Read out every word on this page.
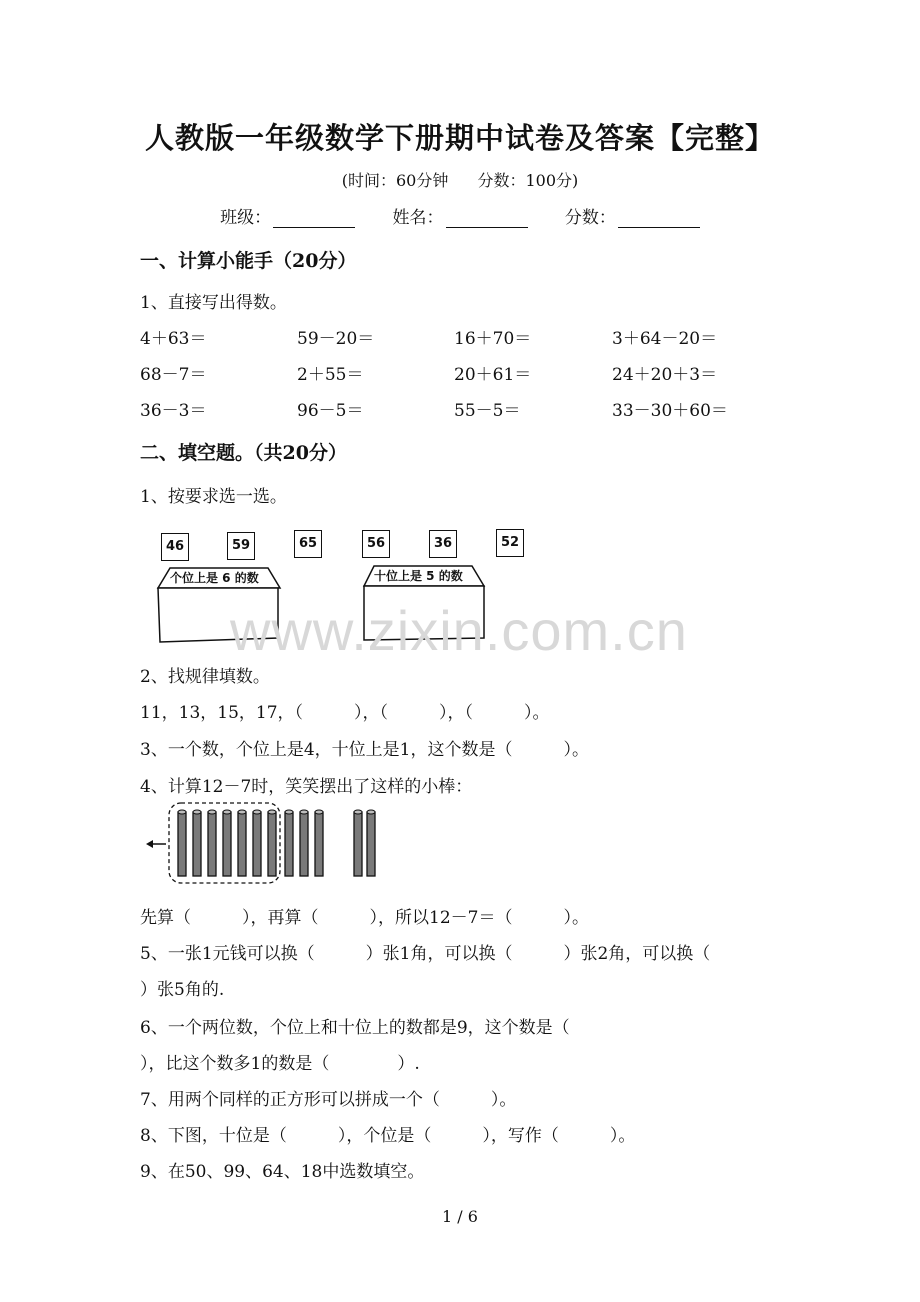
人教版一年级数学下册期中试卷及答案【完整】
(时间：60分钟 分数：100分)
班级：	姓名：	分数：
一、计算小能手（20分）
1、直接写出得数。
4＋63＝	59－20＝	16＋70＝	3＋64－20＝
68－7＝	2＋55＝	20＋61＝	24＋20＋3＝
36－3＝	96－5＝	55－5＝	33－30＋60＝
二、填空题。（共20分）
1、按要求选一选。
46	59	65	56	36	52
个位上是 6 的数	十位上是 5 的数
www.zixin.com.cn
2、找规律填数。
11，13，15，17，（　　　），（　　　），（　　　）。
3、一个数，个位上是4，十位上是1，这个数是（　　　）。
4、计算12－7时，笑笑摆出了这样的小棒：
先算（　　　），再算（　　　），所以12－7＝（　　　）。
5、一张1元钱可以换（　　　）张1角，可以换（　　　）张2角，可以换（
）张5角的.
6、一个两位数，个位上和十位上的数都是9，这个数是（
），比这个数多1的数是（　　　　）.
7、用两个同样的正方形可以拼成一个（　　　）。
8、下图，十位是（　　　），个位是（　　　），写作（　　　）。
9、在50、99、64、18中选数填空。
1 / 6
